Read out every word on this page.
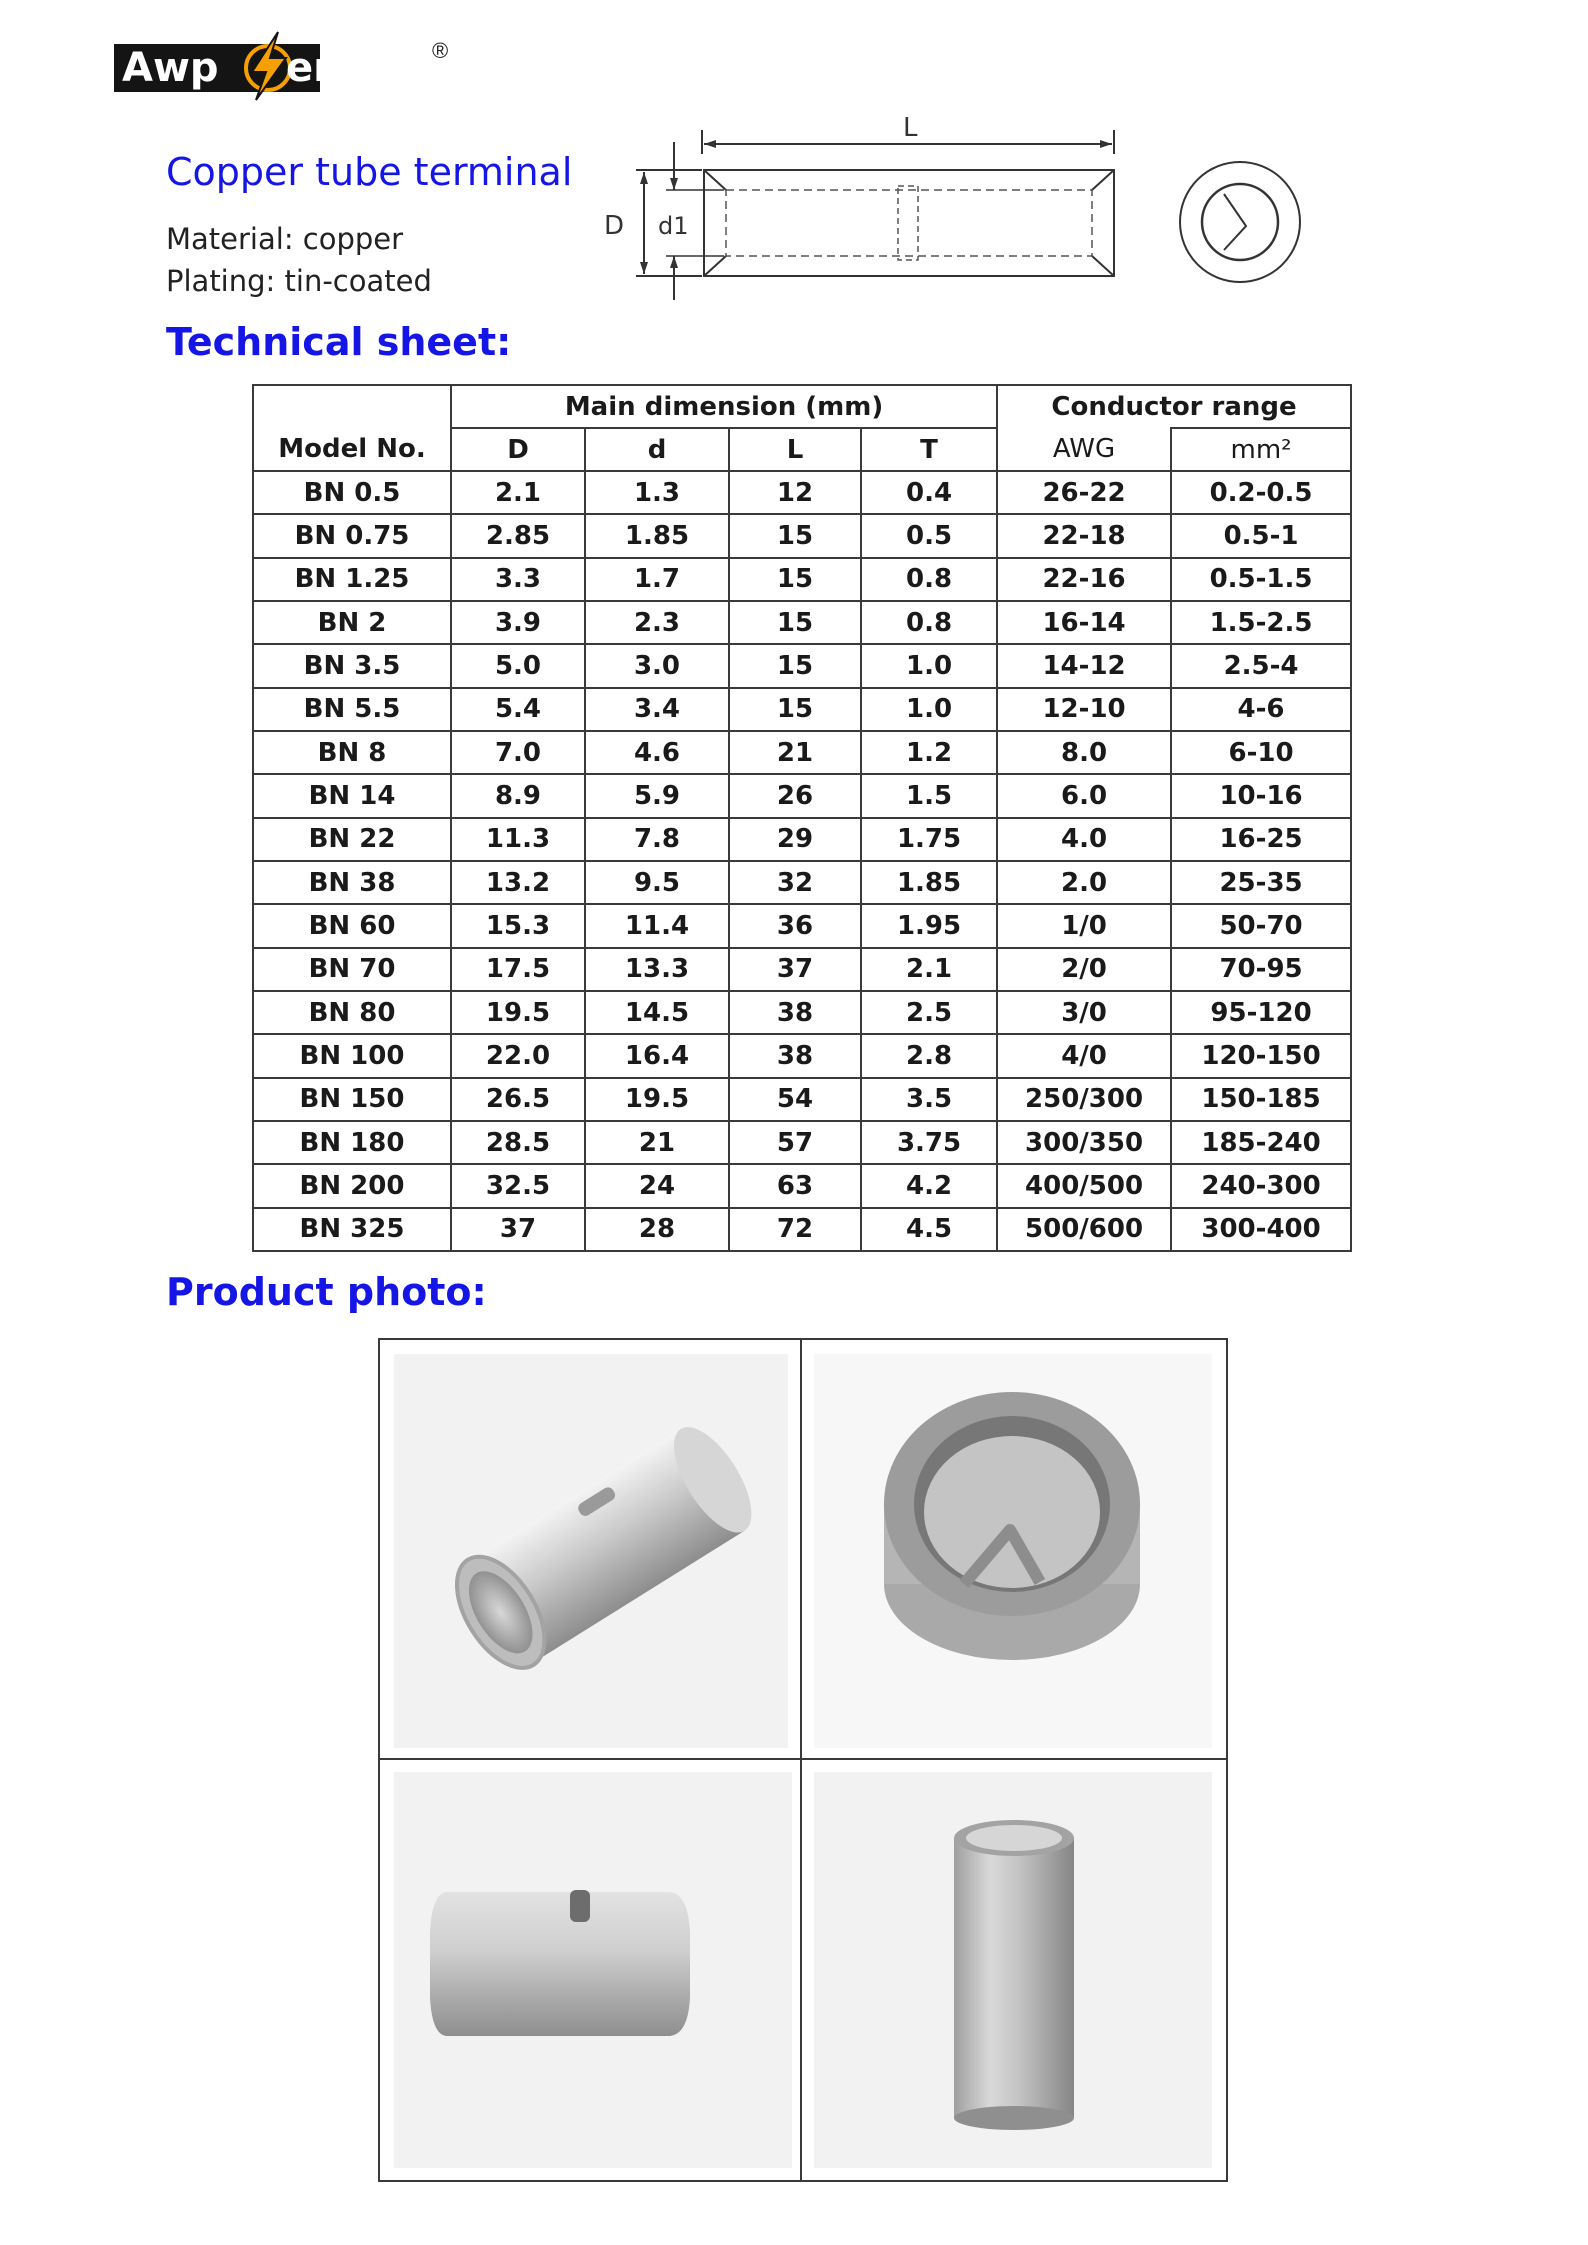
Awp er	®
Copper tube terminal
Material: copper
Plating: tin-coated
Technical sheet:
L
D d1
	Main dimension (mm)				Conductor range	
Model No.	D	d	L	T	AWG	mm²
BN 0.5	2.1	1.3	12	0.4	26-22	0.2-0.5
BN 0.75	2.85	1.85	15	0.5	22-18	0.5-1
BN 1.25	3.3	1.7	15	0.8	22-16	0.5-1.5
BN 2	3.9	2.3	15	0.8	16-14	1.5-2.5
BN 3.5	5.0	3.0	15	1.0	14-12	2.5-4
BN 5.5	5.4	3.4	15	1.0	12-10	4-6
BN 8	7.0	4.6	21	1.2	8.0	6-10
BN 14	8.9	5.9	26	1.5	6.0	10-16
BN 22	11.3	7.8	29	1.75	4.0	16-25
BN 38	13.2	9.5	32	1.85	2.0	25-35
BN 60	15.3	11.4	36	1.95	1/0	50-70
BN 70	17.5	13.3	37	2.1	2/0	70-95
BN 80	19.5	14.5	38	2.5	3/0	95-120
BN 100	22.0	16.4	38	2.8	4/0	120-150
BN 150	26.5	19.5	54	3.5	250/300	150-185
BN 180	28.5	21	57	3.75	300/350	185-240
BN 200	32.5	24	63	4.2	400/500	240-300
BN 325	37	28	72	4.5	500/600	300-400
Product photo:
